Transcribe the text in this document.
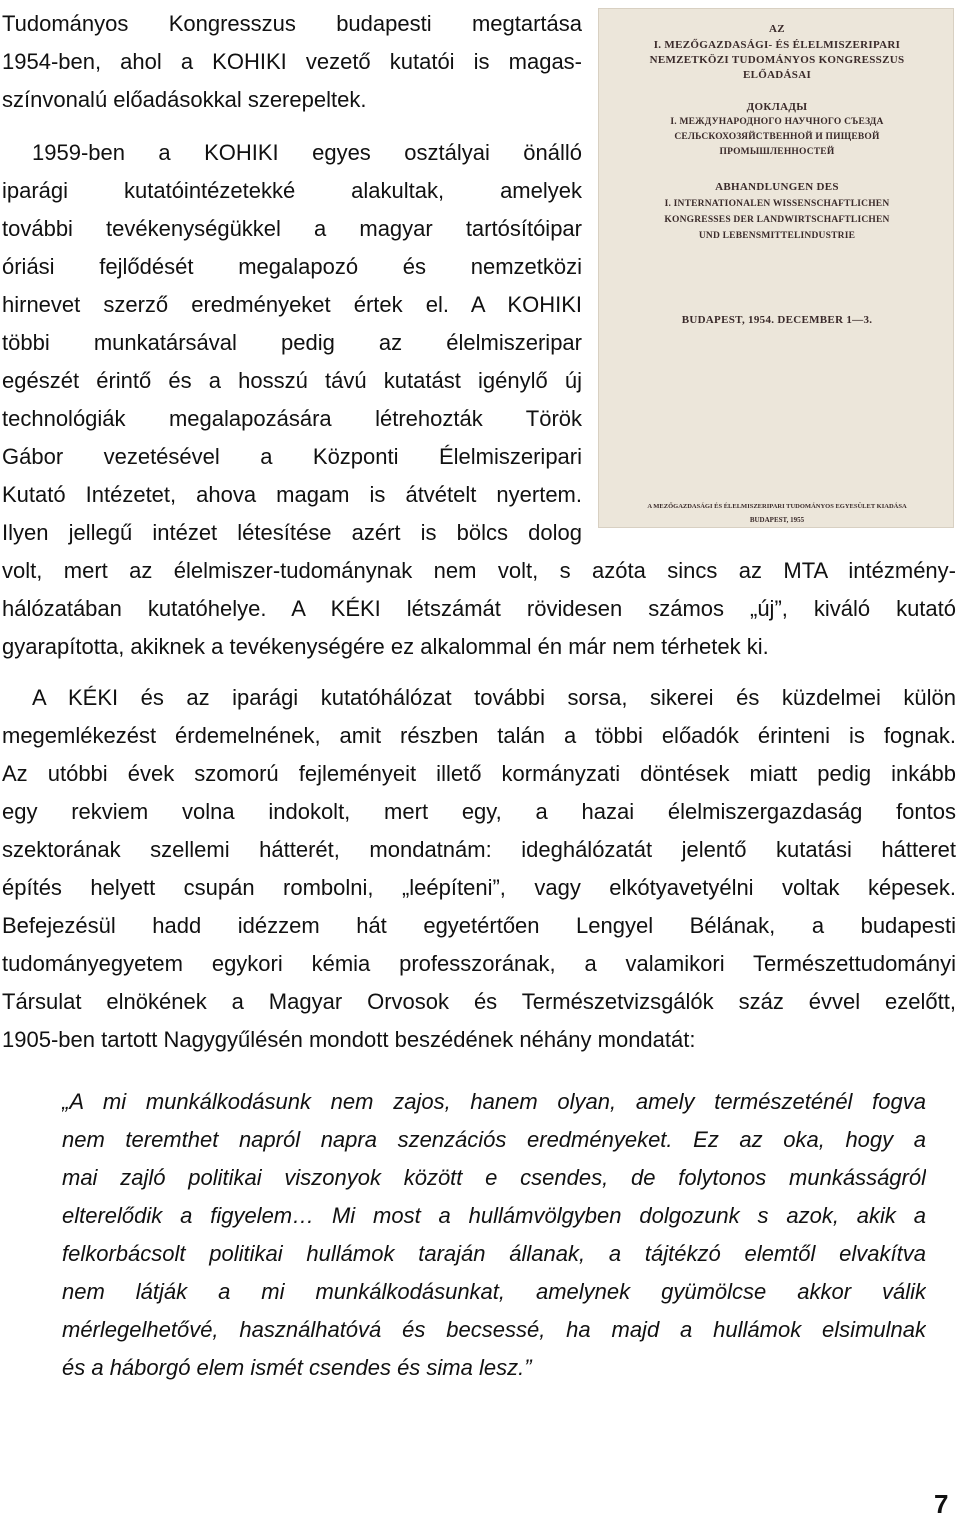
Tudományos Kongresszus budapesti megtartása
1954-ben, ahol a KOHIKI vezető kutatói is magas-
színvonalú előadásokkal szerepeltek.
1959-ben a KOHIKI egyes osztályai önálló
iparági kutatóintézetekké alakultak, amelyek
további tevékenységükkel a magyar tartósítóipar
óriási fejlődését megalapozó és nemzetközi
hirnevet szerző eredményeket értek el. A KOHIKI
többi munkatársával pedig az élelmiszeripar
egészét érintő és a hosszú távú kutatást igénylő új
technológiák megalapozására létrehozták Török
Gábor vezetésével a Központi Élelmiszeripari
Kutató Intézetet, ahova magam is átvételt nyertem.
Ilyen jellegű intézet létesítése azért is bölcs dolog
volt, mert az élelmiszer-tudománynak nem volt, s azóta sincs az MTA intézmény-
hálózatában kutatóhelye. A KÉKI létszámát rövidesen számos „új”, kiváló kutató
gyarapította, akiknek a tevékenységére ez alkalommal én már nem térhetek ki.
A KÉKI és az iparági kutatóhálózat további sorsa, sikerei és küzdelmei külön
megemlékezést érdemelnének, amit részben talán a többi előadók érinteni is fognak.
Az utóbbi évek szomorú fejleményeit illető kormányzati döntések miatt pedig inkább
egy rekviem volna indokolt, mert egy, a hazai élelmiszergazdaság fontos
szektorának szellemi hátterét, mondatnám: ideghálózatát jelentő kutatási hátteret
építés helyett csupán rombolni, „leépíteni”, vagy elkótyavetyélni voltak képesek.
Befejezésül hadd idézzem hát egyetértően Lengyel Bélának, a budapesti
tudományegyetem egykori kémia professzorának, a valamikori Természettudományi
Társulat elnökének a Magyar Orvosok és Természetvizsgálók száz évvel ezelőtt,
1905-ben tartott Nagygyűlésén mondott beszédének néhány mondatát:
„A mi munkálkodásunk nem zajos, hanem olyan, amely természeténél fogva
nem teremthet napról napra szenzációs eredményeket. Ez az oka, hogy a
mai zajló politikai viszonyok között e csendes, de folytonos munkásságról
elterelődik a figyelem… Mi most a hullámvölgyben dolgozunk s azok, akik a
felkorbácsolt politikai hullámok taraján állanak, a tájtékzó elemtől elvakítva
nem látják a mi munkálkodásunkat, amelynek gyümölcse akkor válik
mérlegelhetővé, használhatóvá és becsessé, ha majd a hullámok elsimulnak
és a háborgó elem ismét csendes és sima lesz.”
AZ
I. MEZŐGAZDASÁGI- ÉS ÉLELMISZERIPARI
NEMZETKÖZI TUDOMÁNYOS KONGRESSZUS
ELŐADÁSAI
ДОКЛАДЫ
I. МЕЖДУНАРОДНОГО НАУЧНОГО СЪЕЗДА
СЕЛЬСКОХОЗЯЙСТВЕННОЙ И ПИЩЕВОЙ
ПРОМЫШЛЕННОСТЕЙ
ABHANDLUNGEN DES
I. INTERNATIONALEN WISSENSCHAFTLICHEN
KONGRESSES DER LANDWIRTSCHAFTLICHEN
UND LEBENSMITTELINDUSTRIE
BUDAPEST, 1954. DECEMBER 1—3.
A MEZŐGAZDASÁGI ÉS ÉLELMISZERIPARI TUDOMÁNYOS EGYESÜLET KIADÁSA
BUDAPEST, 1955
7
